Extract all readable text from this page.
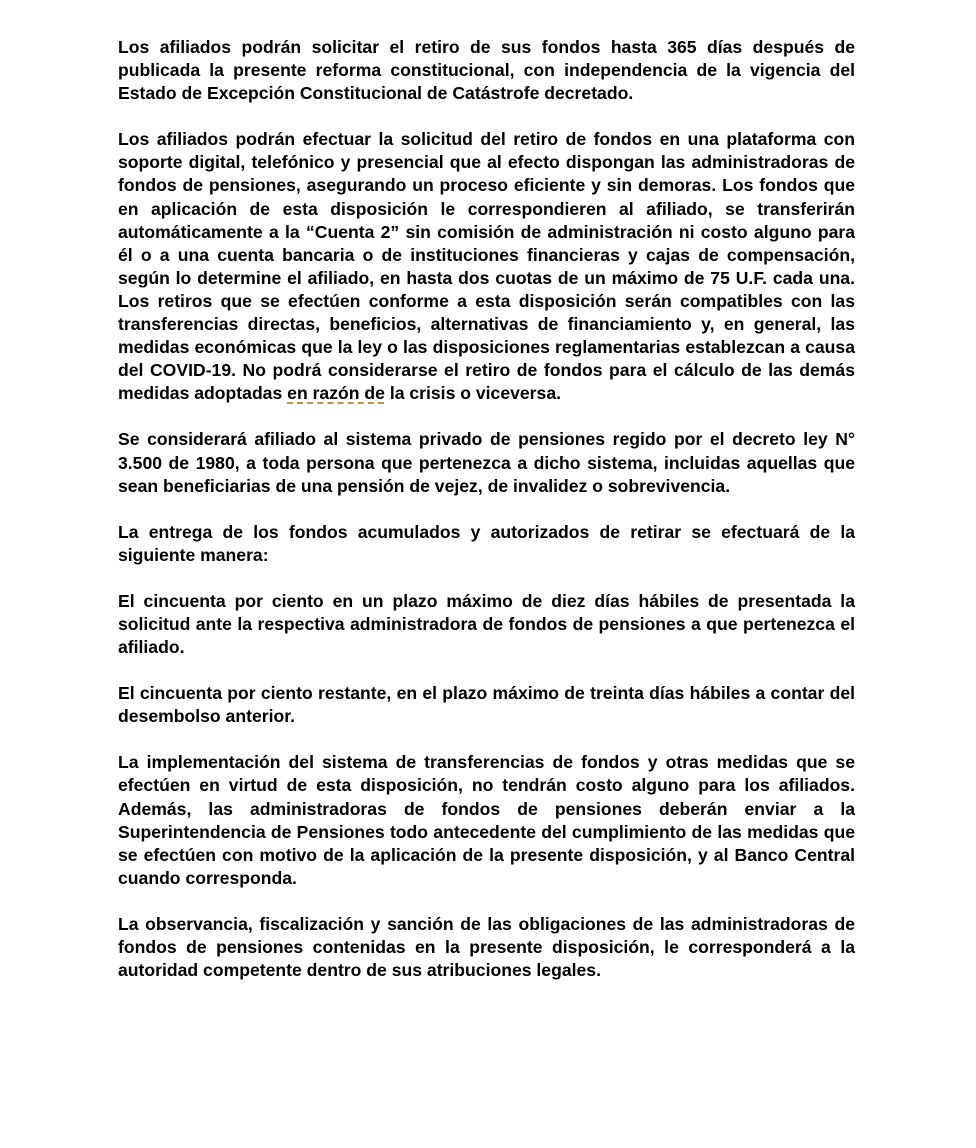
Los afiliados podrán solicitar el retiro de sus fondos hasta 365 días después de publicada la presente reforma constitucional, con independencia de la vigencia del Estado de Excepción Constitucional de Catástrofe decretado.

Los afiliados podrán efectuar la solicitud del retiro de fondos en una plataforma con soporte digital, telefónico y presencial que al efecto dispongan las administradoras de fondos de pensiones, asegurando un proceso eficiente y sin demoras. Los fondos que en aplicación de esta disposición le correspondieren al afiliado, se transferirán automáticamente a la “Cuenta 2” sin comisión de administración ni costo alguno para él o a una cuenta bancaria o de instituciones financieras y cajas de compensación, según lo determine el afiliado, en hasta dos cuotas de un máximo de 75 U.F. cada una. Los retiros que se efectúen conforme a esta disposición serán compatibles con las transferencias directas, beneficios, alternativas de financiamiento y, en general, las medidas económicas que la ley o las disposiciones reglamentarias establezcan a causa del COVID-19. No podrá considerarse el retiro de fondos para el cálculo de las demás medidas adoptadas en razón de la crisis o viceversa.

Se considerará afiliado al sistema privado de pensiones regido por el decreto ley N° 3.500 de 1980, a toda persona que pertenezca a dicho sistema, incluidas aquellas que sean beneficiarias de una pensión de vejez, de invalidez o sobrevivencia.

La entrega de los fondos acumulados y autorizados de retirar se efectuará de la siguiente manera:

El cincuenta por ciento en un plazo máximo de diez días hábiles de presentada la solicitud ante la respectiva administradora de fondos de pensiones a que pertenezca el afiliado.

El cincuenta por ciento restante, en el plazo máximo de treinta días hábiles a contar del desembolso anterior.

La implementación del sistema de transferencias de fondos y otras medidas que se efectúen en virtud de esta disposición, no tendrán costo alguno para los afiliados. Además, las administradoras de fondos de pensiones deberán enviar a la Superintendencia de Pensiones todo antecedente del cumplimiento de las medidas que se efectúen con motivo de la aplicación de la presente disposición, y al Banco Central cuando corresponda.

La observancia, fiscalización y sanción de las obligaciones de las administradoras de fondos de pensiones contenidas en la presente disposición, le corresponderá a la autoridad competente dentro de sus atribuciones legales.
